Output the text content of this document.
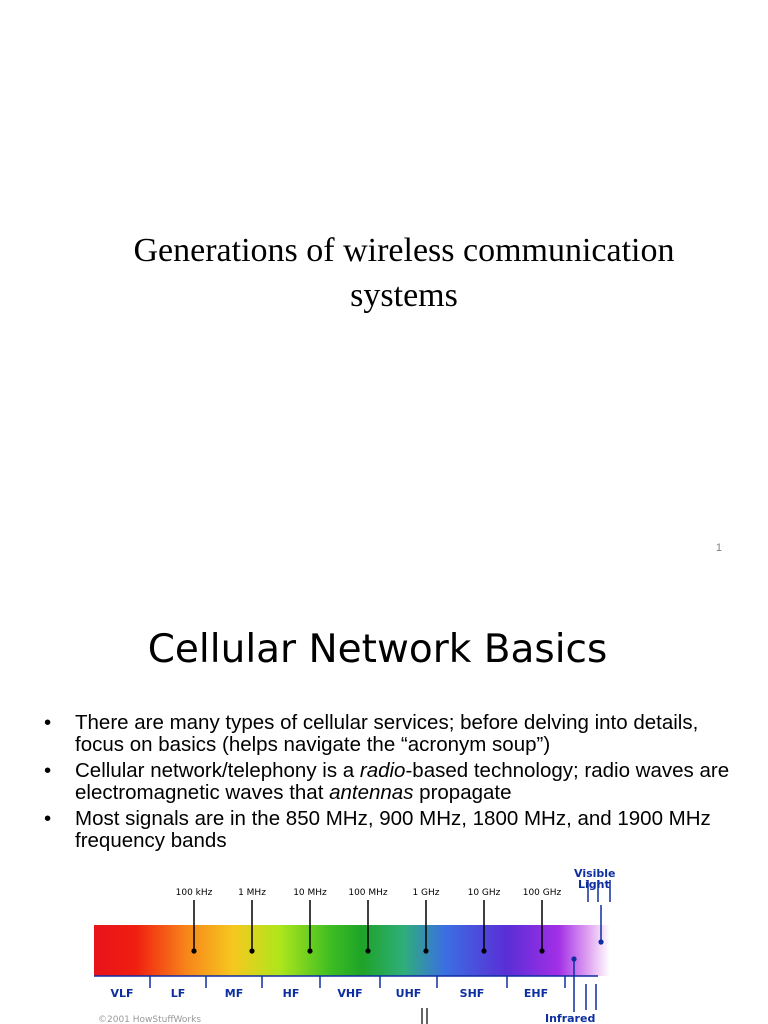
Generations of wireless communication systems
1
Cellular Network Basics
• There are many types of cellular services; before delving into details, focus on basics (helps navigate the “acronym soup”)
• Cellular network/telephony is a radio-based technology; radio waves are electromagnetic waves that antennas propagate
• Most signals are in the 850 MHz, 900 MHz, 1800 MHz, and 1900 MHz frequency bands
100 kHz	1 MHz	10 MHz 100 MHz	1 GHz	10 GHz 100 GHz
VLF	LF	MF	HF	VHF	UHF	SHF	EHF
Visible
Light
Infrared
©2001 HowStuffWorks
